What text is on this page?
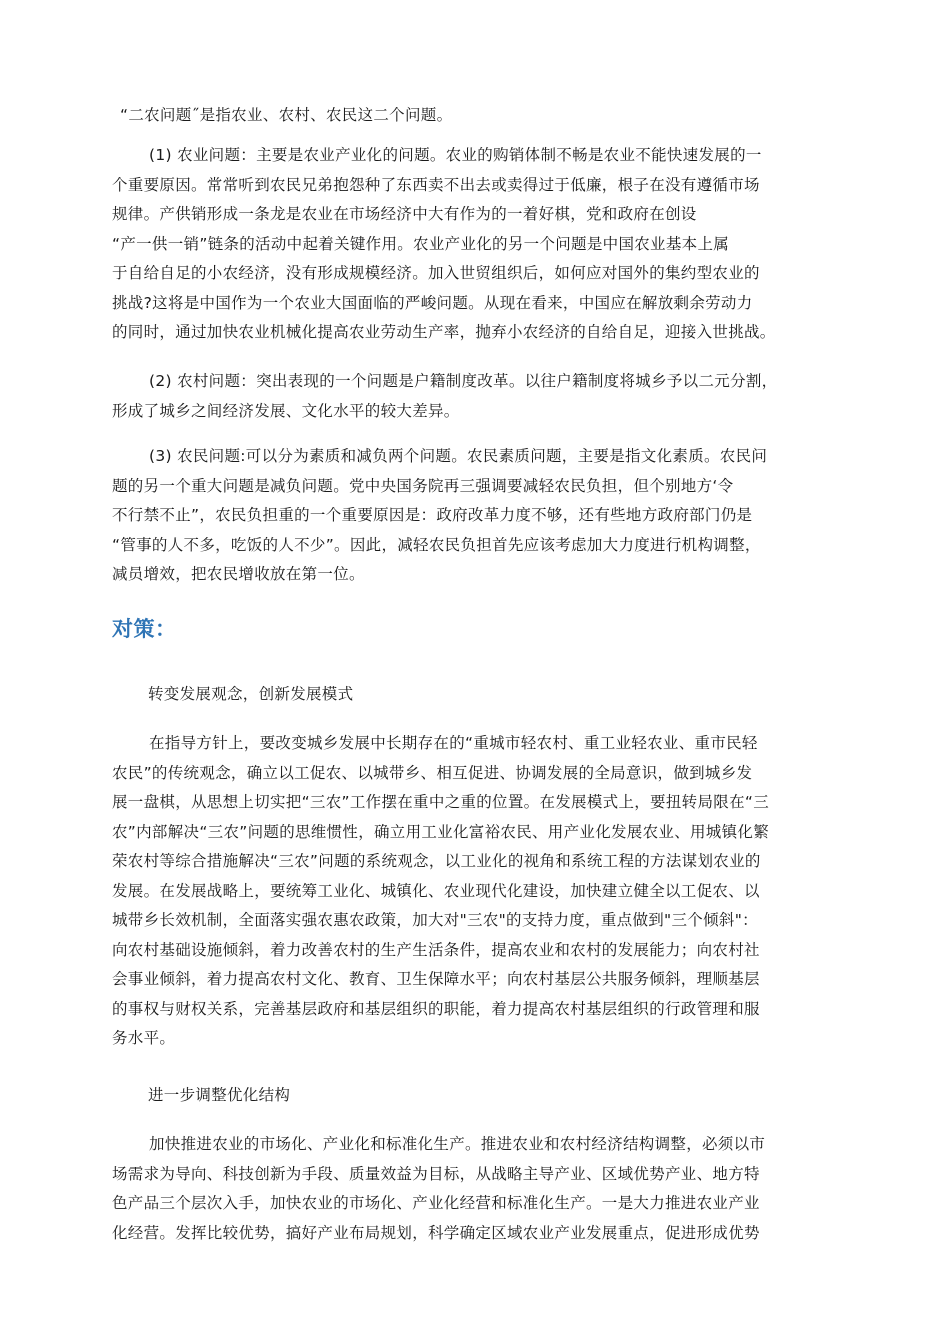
“二农问题˝是指农业、农村、农民这二个问题。

(1) 农业问题：主要是农业产业化的问题。农业的购销体制不畅是农业不能快速发展的一
个重要原因。常常听到农民兄弟抱怨种了东西卖不出去或卖得过于低廉，根子在没有遵循市场
规律。产供销形成一条龙是农业在市场经济中大有作为的一着好棋，党和政府在创设
“产一供一销”链条的活动中起着关键作用。农业产业化的另一个问题是中国农业基本上属
于自给自足的小农经济，没有形成规模经济。加入世贸组织后，如何应对国外的集约型农业的
挑战?这将是中国作为一个农业大国面临的严峻问题。从现在看来，中国应在解放剩余劳动力
的同时，通过加快农业机械化提高农业劳动生产率，抛弃小农经济的自给自足，迎接入世挑战。

(2) 农村问题：突出表现的一个问题是户籍制度改革。以往户籍制度将城乡予以二元分割，
形成了城乡之间经济发展、文化水平的较大差异。

(3) 农民问题:可以分为素质和减负两个问题。农民素质问题，主要是指文化素质。农民问
题的另一个重大问题是减负问题。党中央国务院再三强调要减轻农民负担，但个别地方‘令
不行禁不止”，农民负担重的一个重要原因是：政府改革力度不够，还有些地方政府部门仍是
“管事的人不多，吃饭的人不少”。因此，减轻农民负担首先应该考虑加大力度进行机构调整，
减员增效，把农民增收放在第一位。

对策：

转变发展观念，创新发展模式

在指导方针上，要改变城乡发展中长期存在的“重城市轻农村、重工业轻农业、重市民轻
农民”的传统观念，确立以工促农、以城带乡、相互促进、协调发展的全局意识，做到城乡发
展一盘棋，从思想上切实把“三农”工作摆在重中之重的位置。在发展模式上，要扭转局限在“三
农”内部解决“三农”问题的思维惯性，确立用工业化富裕农民、用产业化发展农业、用城镇化繁
荣农村等综合措施解决“三农”问题的系统观念，以工业化的视角和系统工程的方法谋划农业的
发展。在发展战略上，要统筹工业化、城镇化、农业现代化建设，加快建立健全以工促农、以
城带乡长效机制，全面落实强农惠农政策，加大对"三农"的支持力度，重点做到"三个倾斜"：
向农村基础设施倾斜，着力改善农村的生产生活条件，提高农业和农村的发展能力；向农村社
会事业倾斜，着力提高农村文化、教育、卫生保障水平；向农村基层公共服务倾斜，理顺基层
的事权与财权关系，完善基层政府和基层组织的职能，着力提高农村基层组织的行政管理和服
务水平。

进一步调整优化结构

加快推进农业的市场化、产业化和标准化生产。推进农业和农村经济结构调整，必须以市
场需求为导向、科技创新为手段、质量效益为目标，从战略主导产业、区域优势产业、地方特
色产品三个层次入手，加快农业的市场化、产业化经营和标准化生产。一是大力推进农业产业
化经营。发挥比较优势，搞好产业布局规划，科学确定区域农业产业发展重点，促进形成优势
